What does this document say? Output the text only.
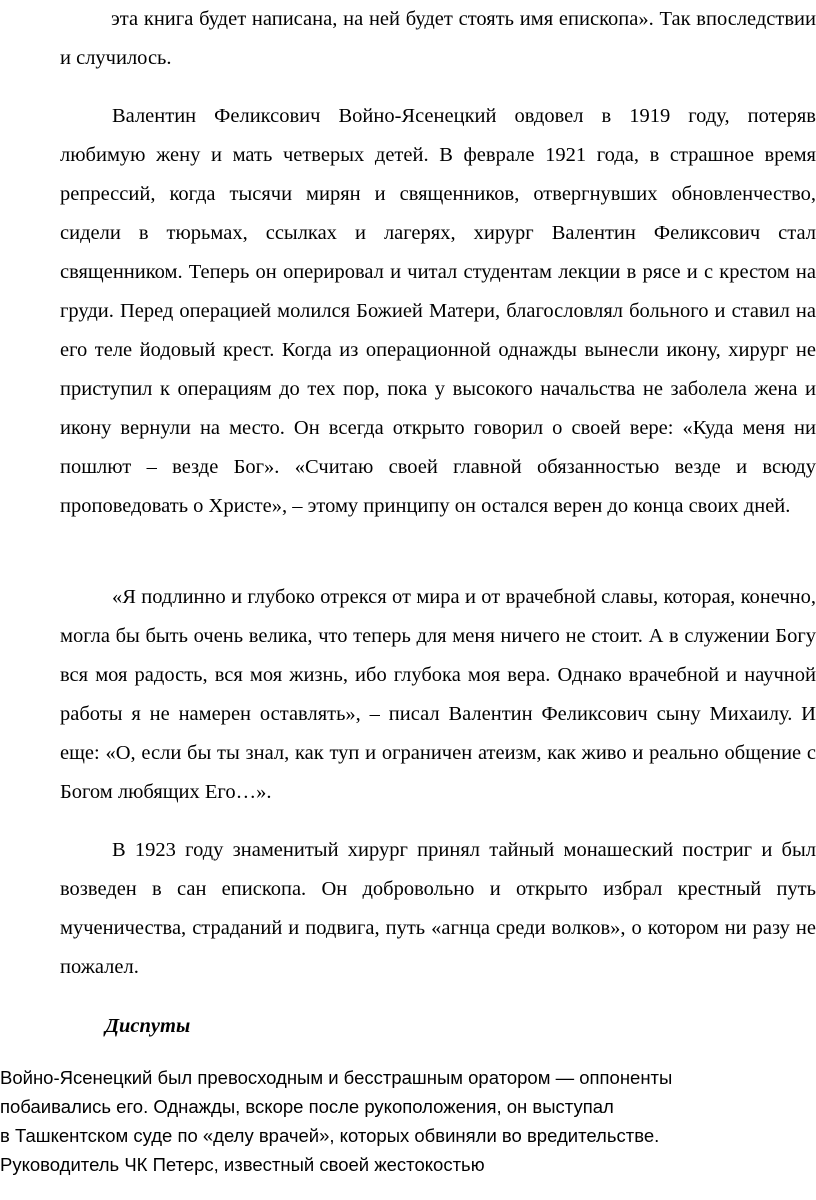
эта книга будет написана, на ней будет стоять имя епископа». Так впоследствии и случилось.

Валентин Феликсович Войно-Ясенецкий овдовел в 1919 году, потеряв любимую жену и мать четверых детей. В феврале 1921 года, в страшное время репрессий, когда тысячи мирян и священников, отвергнувших обновленчество, сидели в тюрьмах, ссылках и лагерях, хирург Валентин Феликсович стал священником. Теперь он оперировал и читал студентам лекции в рясе и с крестом на груди. Перед операцией молился Божией Матери, благословлял больного и ставил на его теле йодовый крест. Когда из операционной однажды вынесли икону, хирург не приступил к операциям до тех пор, пока у высокого начальства не заболела жена и икону вернули на место. Он всегда открыто говорил о своей вере: «Куда меня ни пошлют – везде Бог». «Считаю своей главной обязанностью везде и всюду проповедовать о Христе», – этому принципу он остался верен до конца своих дней.

«Я подлинно и глубоко отрекся от мира и от врачебной славы, которая, конечно, могла бы быть очень велика, что теперь для меня ничего не стоит. А в служении Богу вся моя радость, вся моя жизнь, ибо глубока моя вера. Однако врачебной и научной работы я не намерен оставлять», – писал Валентин Феликсович сыну Михаилу. И еще: «О, если бы ты знал, как туп и ограничен атеизм, как живо и реально общение с Богом любящих Его…».

В 1923 году знаменитый хирург принял тайный монашеский постриг и был возведен в сан епископа. Он добровольно и открыто избрал крестный путь мученичества, страданий и подвига, путь «агнца среди волков», о котором ни разу не пожалел.

Диспуты
Войно-Ясенецкий был превосходным и бесстрашным оратором — оппоненты
побаивались его. Однажды, вскоре после рукоположения, он выступал
в Ташкентском суде по «делу врачей», которых обвиняли во вредительстве.
Руководитель ЧК Петерс, известный своей жестокостью
